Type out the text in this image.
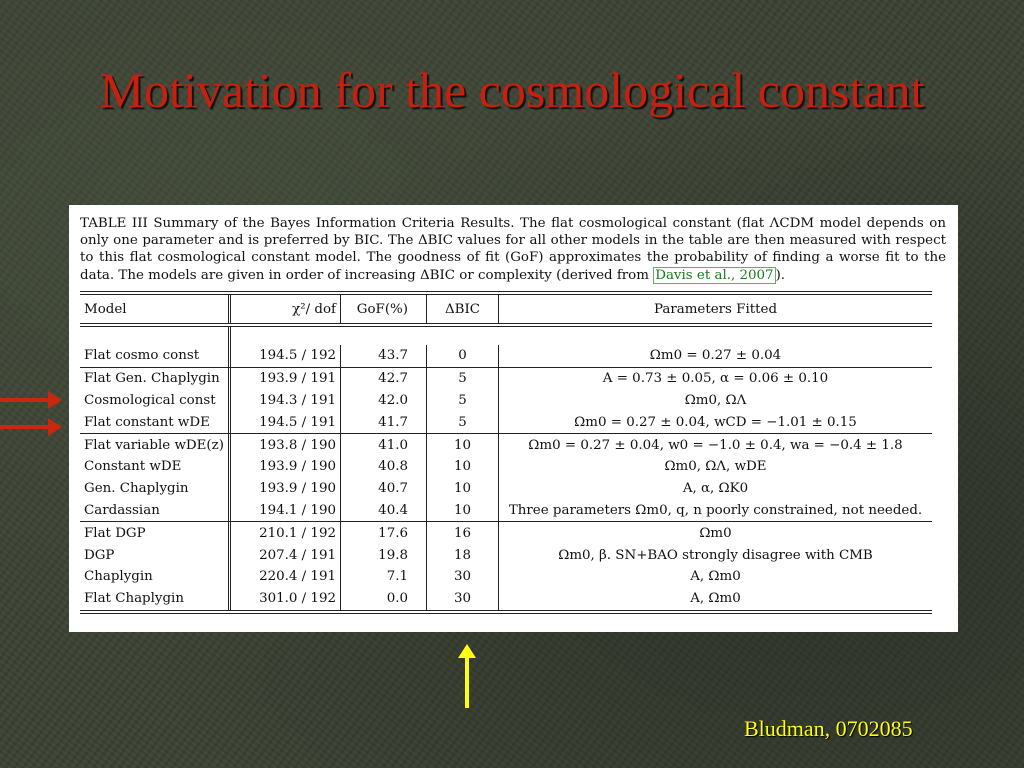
Motivation for the cosmological constant
TABLE III Summary of the Bayes Information Criteria Results. The flat cosmological constant (flat ΛCDM model depends on only one parameter and is preferred by BIC. The ΔBIC values for all other models in the table are then measured with respect to this flat cosmological constant model. The goodness of fit (GoF) approximates the probability of finding a worse fit to the data. The models are given in order of increasing ΔBIC or complexity (derived from Davis et al., 2007 ).
Model	χ²/ dof	GoF(%)	ΔBIC	Parameters Fitted
Flat cosmo const	194.5 / 192	43.7	0	Ωm0 = 0.27 ± 0.04
Flat Gen. Chaplygin	193.9 / 191	42.7	5	A = 0.73 ± 0.05, α = 0.06 ± 0.10
Cosmological const	194.3 / 191	42.0	5	Ωm0, ΩΛ
Flat constant wDE	194.5 / 191	41.7	5	Ωm0 = 0.27 ± 0.04, wCD = −1.01 ± 0.15
Flat variable wDE(z)	193.8 / 190	41.0	10	Ωm0 = 0.27 ± 0.04, w0 = −1.0 ± 0.4, wa = −0.4 ± 1.8
Constant wDE	193.9 / 190	40.8	10	Ωm0, ΩΛ, wDE
Gen. Chaplygin	193.9 / 190	40.7	10	A, α, ΩK0
Cardassian	194.1 / 190	40.4	10	Three parameters Ωm0, q, n poorly constrained, not needed.
Flat DGP	210.1 / 192	17.6	16	Ωm0
DGP	207.4 / 191	19.8	18	Ωm0, β. SN+BAO strongly disagree with CMB
Chaplygin	220.4 / 191	7.1	30	A, Ωm0
Flat Chaplygin	301.0 / 192	0.0	30	A, Ωm0
Bludman, 0702085
